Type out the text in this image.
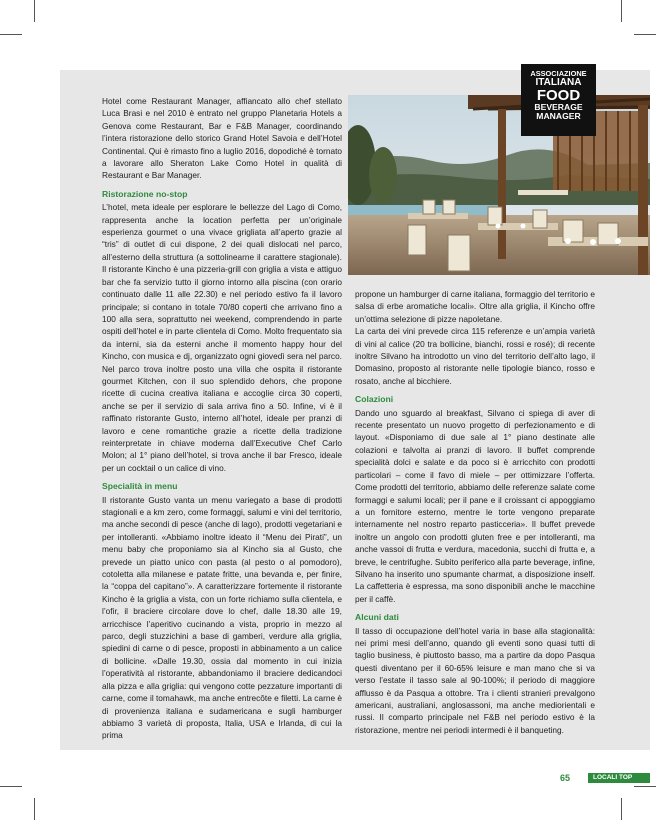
ASSOCIAZIONE
ITALIANA
FOOD
BEVERAGE
MANAGER

Hotel come Restaurant Manager, affiancato allo chef stellato Luca Brasi e nel 2010 è entrato nel gruppo Planetaria Hotels a Genova come Restaurant, Bar e F&B Manager, coordinando l’intera ristorazione dello storico Grand Hotel Savoia e dell’Hotel Continental. Qui è rimasto fino a luglio 2016, dopodiché è tornato a lavorare allo Sheraton Lake Como Hotel in qualità di Restaurant e Bar Manager.

Ristorazione no-stop

L’hotel, meta ideale per esplorare le bellezze del Lago di Como, rappresenta anche la location perfetta per un’originale esperienza gourmet o una vivace grigliata all’aperto grazie al “tris” di outlet di cui dispone, 2 dei quali dislocati nel parco, all’esterno della struttura (a sottolinearne il carattere stagionale). Il ristorante Kincho è una pizzeria-grill con griglia a vista e attiguo bar che fa servizio tutto il giorno intorno alla piscina (con orario continuato dalle 11 alle 22.30) e nel periodo estivo fa il lavoro principale; si contano in totale 70/80 coperti che arrivano fino a 100 alla sera, soprattutto nei weekend, comprendendo in parte ospiti dell’hotel e in parte clientela di Como. Molto frequentato sia da interni, sia da esterni anche il momento happy hour del Kincho, con musica e dj, organizzato ogni giovedì sera nel parco. Nel parco trova inoltre posto una villa che ospita il ristorante gourmet Kitchen, con il suo splendido dehors, che propone ricette di cucina creativa italiana e accoglie circa 30 coperti, anche se per il servizio di sala arriva fino a 50. Infine, vi è il raffinato ristorante Gusto, interno all’hotel, ideale per pranzi di lavoro e cene romantiche grazie a ricette della tradizione reinterpretate in chiave moderna dall’Executive Chef Carlo Molon; al 1° piano dell’hotel, si trova anche il bar Fresco, ideale per un cocktail o un calice di vino.

Specialità in menu

Il ristorante Gusto vanta un menu variegato a base di prodotti stagionali e a km zero, come formaggi, salumi e vini del territorio, ma anche secondi di pesce (anche di lago), prodotti vegetariani e per intolleranti. «Abbiamo inoltre ideato il “Menu dei Pirati”, un menu baby che proponiamo sia al Kincho sia al Gusto, che prevede un piatto unico con pasta (al pesto o al pomodoro), cotoletta alla milanese e patate fritte, una bevanda e, per finire, la “coppa del capitano”». A caratterizzare fortemente il ristorante Kincho è la griglia a vista, con un forte richiamo sulla clientela, e l’ofir, il braciere circolare dove lo chef, dalle 18.30 alle 19, arricchisce l’aperitivo cucinando a vista, proprio in mezzo al parco, degli stuzzichini a base di gamberi, verdure alla griglia, spiedini di carne o di pesce, proposti in abbinamento a un calice di bollicine. «Dalle 19.30, ossia dal momento in cui inizia l’operatività al ristorante, abbandoniamo il braciere dedicandoci alla pizza e alla griglia: qui vengono cotte pezzature importanti di carne, come il tomahawk, ma anche entrecôte e filetti. La carne è di provenienza italiana e sudamericana e sugli hamburger abbiamo 3 varietà di proposta, Italia, USA e Irlanda, di cui la prima

propone un hamburger di carne italiana, formaggio del territorio e salsa di erbe aromatiche locali». Oltre alla griglia, il Kincho offre un’ottima selezione di pizze napoletane.

La carta dei vini prevede circa 115 referenze e un’ampia varietà di vini al calice (20 tra bollicine, bianchi, rossi e rosé); di recente inoltre Silvano ha introdotto un vino del territorio dell’alto lago, il Domasino, proposto al ristorante nelle tipologie bianco, rosso e rosato, anche al bicchiere.

Colazioni

Dando uno sguardo al breakfast, Silvano ci spiega di aver di recente presentato un nuovo progetto di perfezionamento e di layout. «Disponiamo di due sale al 1° piano destinate alle colazioni e talvolta ai pranzi di lavoro. Il buffet comprende specialità dolci e salate e da poco si è arricchito con prodotti particolari – come il favo di miele – per ottimizzare l’offerta. Come prodotti del territorio, abbiamo delle referenze salate come formaggi e salumi locali; per il pane e il croissant ci appoggiamo a un fornitore esterno, mentre le torte vengono preparate internamente nel nostro reparto pasticceria». Il buffet prevede inoltre un angolo con prodotti gluten free e per intolleranti, ma anche vassoi di frutta e verdura, macedonia, succhi di frutta e, a breve, le centrifughe. Subito periferico alla parte beverage, infine, Silvano ha inserito uno spumante charmat, a disposizione inself. La caffetteria è espressa, ma sono disponibili anche le macchine per il caffè.

Alcuni dati

Il tasso di occupazione dell’hotel varia in base alla stagionalità: nei primi mesi dell’anno, quando gli eventi sono quasi tutti di taglio business, è piuttosto basso, ma a partire da dopo Pasqua questi diventano per il 60-65% leisure e man mano che si va verso l’estate il tasso sale al 90-100%; il periodo di maggiore afflusso è da Pasqua a ottobre. Tra i clienti stranieri prevalgono americani, australiani, anglosassoni, ma anche mediorientali e russi. Il comparto principale nel F&B nel periodo estivo è la ristorazione, mentre nei periodi intermedi è il banqueting.

65	LOCALI TOP
